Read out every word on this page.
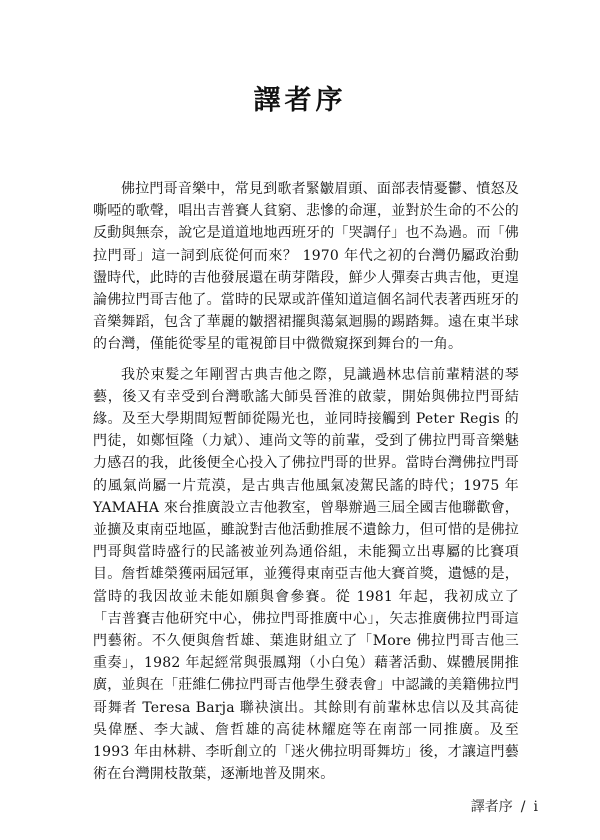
譯者序

佛拉門哥音樂中，常見到歌者緊皺眉頭、面部表情憂鬱、憤怒及嘶啞的歌聲，唱出吉普賽人貧窮、悲慘的命運，並對於生命的不公的反動與無奈，說它是道道地地西班牙的「哭調仔」也不為過。而「佛拉門哥」這一詞到底從何而來？ 1970 年代之初的台灣仍屬政治動盪時代，此時的吉他發展還在萌芽階段，鮮少人彈奏古典吉他，更遑論佛拉門哥吉他了。當時的民眾或許僅知道這個名詞代表著西班牙的音樂舞蹈，包含了華麗的皺摺裙擺與蕩氣迴腸的踢踏舞。遠在東半球的台灣，僅能從零星的電視節目中微微窺探到舞台的一角。

我於束髮之年剛習古典吉他之際，見識過林忠信前輩精湛的琴藝，後又有幸受到台灣歌謠大師吳晉淮的啟蒙，開始與佛拉門哥結緣。及至大學期間短暫師從陽光也，並同時接觸到 Peter Regis 的門徒，如鄭恒隆（力斌）、連尚文等的前輩，受到了佛拉門哥音樂魅力感召的我，此後便全心投入了佛拉門哥的世界。當時台灣佛拉門哥的風氣尚屬一片荒漠，是古典吉他風氣凌駕民謠的時代；1975 年 YAMAHA 來台推廣設立吉他教室，曾舉辦過三屆全國吉他聯歡會，並擴及東南亞地區，雖說對吉他活動推展不遺餘力，但可惜的是佛拉門哥與當時盛行的民謠被並列為通俗組，未能獨立出專屬的比賽項目。詹哲雄榮獲兩屆冠軍，並獲得東南亞吉他大賽首獎，遺憾的是，當時的我因故並未能如願與會參賽。從 1981 年起，我初成立了「吉普賽吉他研究中心，佛拉門哥推廣中心」，矢志推廣佛拉門哥這門藝術。不久便與詹哲雄、葉進財組立了「More 佛拉門哥吉他三重奏」，1982 年起經常與張鳳翔（小白兔）藉著活動、媒體展開推廣，並與在「莊維仁佛拉門哥吉他學生發表會」中認識的美籍佛拉門哥舞者 Teresa Barja 聯袂演出。其餘則有前輩林忠信以及其高徒吳偉歷、李大誠、詹哲雄的高徒林耀庭等在南部一同推廣。及至 1993 年由林耕、李昕創立的「迷火佛拉明哥舞坊」後，才讓這門藝術在台灣開枝散葉，逐漸地普及開來。

譯者序 / i
